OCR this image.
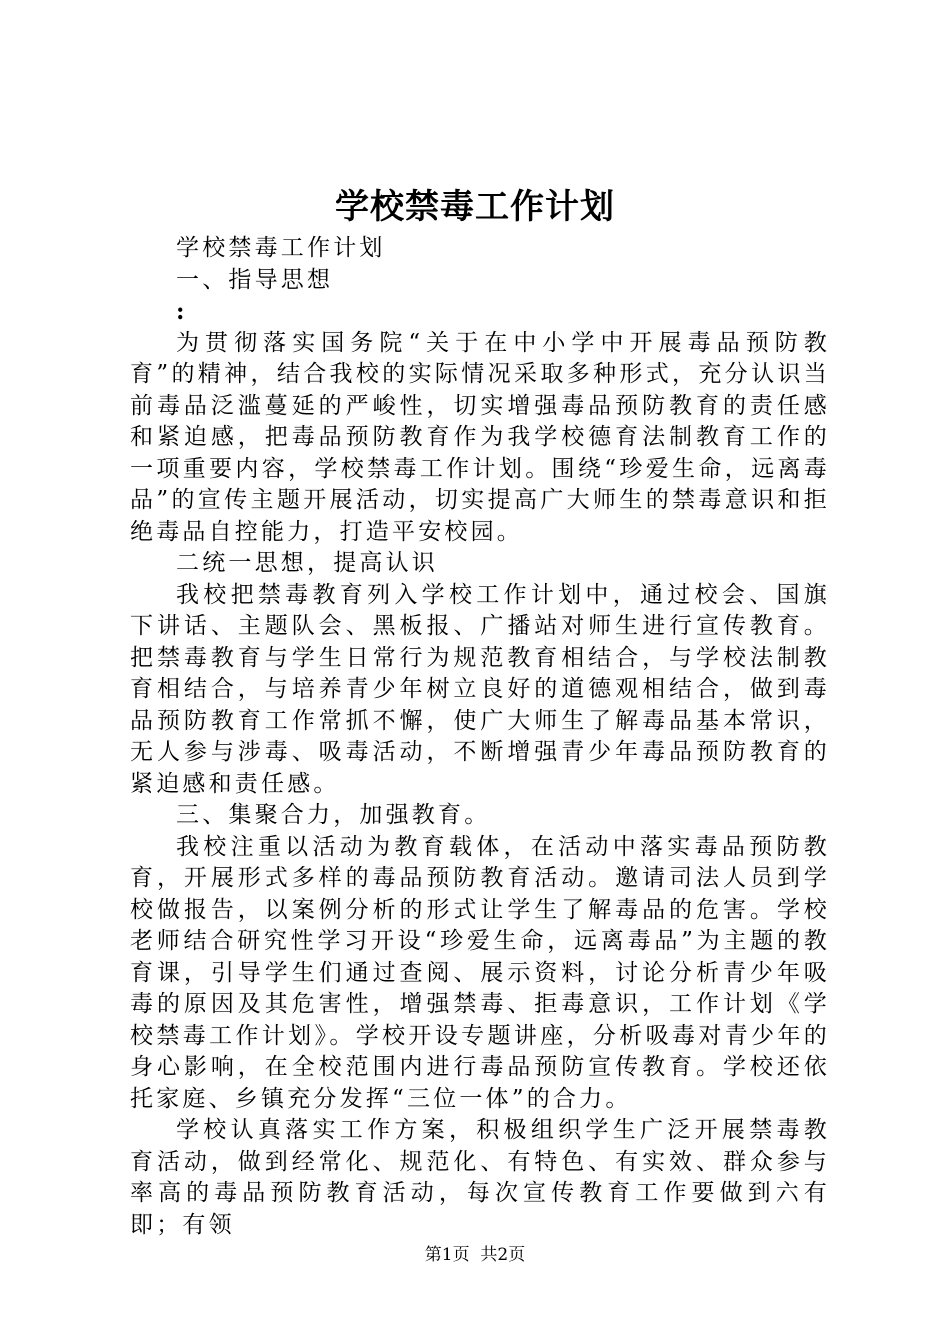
学校禁毒工作计划

学校禁毒工作计划

一、指导思想

:

为贯彻落实国务院“关于在中小学中开展毒品预防教育”的精神，结合我校的实际情况采取多种形式，充分认识当前毒品泛滥蔓延的严峻性，切实增强毒品预防教育的责任感和紧迫感，把毒品预防教育作为我学校德育法制教育工作的一项重要内容，学校禁毒工作计划。围绕“珍爱生命，远离毒品”的宣传主题开展活动，切实提高广大师生的禁毒意识和拒绝毒品自控能力，打造平安校园。

二统一思想，提高认识

我校把禁毒教育列入学校工作计划中，通过校会、国旗下讲话、主题队会、黑板报、广播站对师生进行宣传教育。把禁毒教育与学生日常行为规范教育相结合，与学校法制教育相结合，与培养青少年树立良好的道德观相结合，做到毒品预防教育工作常抓不懈，使广大师生了解毒品基本常识，无人参与涉毒、吸毒活动，不断增强青少年毒品预防教育的紧迫感和责任感。

三、集聚合力，加强教育。

我校注重以活动为教育载体，在活动中落实毒品预防教育，开展形式多样的毒品预防教育活动。邀请司法人员到学校做报告，以案例分析的形式让学生了解毒品的危害。学校老师结合研究性学习开设“珍爱生命，远离毒品”为主题的教育课，引导学生们通过查阅、展示资料，讨论分析青少年吸毒的原因及其危害性，增强禁毒、拒毒意识，工作计划《学校禁毒工作计划》。学校开设专题讲座，分析吸毒对青少年的身心影响，在全校范围内进行毒品预防宣传教育。学校还依托家庭、乡镇充分发挥“三位一体”的合力。

学校认真落实工作方案，积极组织学生广泛开展禁毒教育活动，做到经常化、规范化、有特色、有实效、群众参与率高的毒品预防教育活动，每次宣传教育工作要做到六有即；有领

第1页 共2页
